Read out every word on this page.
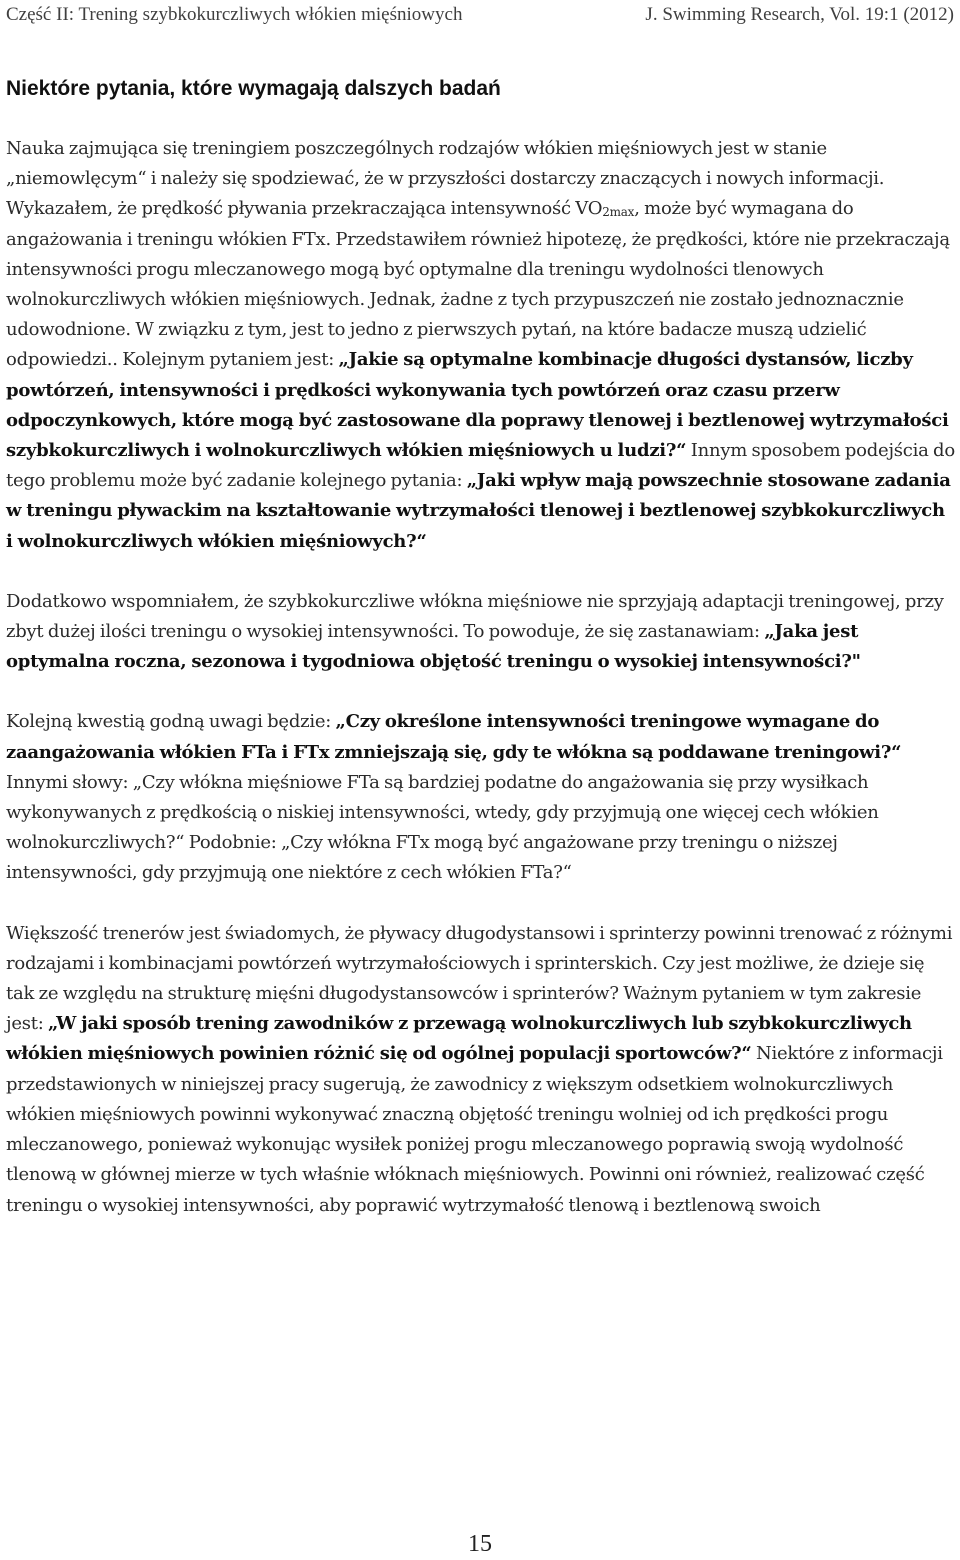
Część II: Trening szybkokurczliwych włókien mięśniowych	J. Swimming Research, Vol. 19:1 (2012)
Niektóre pytania, które wymagają dalszych badań

Nauka zajmująca się treningiem poszczególnych rodzajów włókien mięśniowych jest w stanie „niemowlęcym“ i należy się spodziewać, że w przyszłości dostarczy znaczących i nowych informacji. Wykazałem, że prędkość pływania przekraczająca intensywność $VO_{2max}$, może być wymagana do angażowania i treningu włókien FTx. Przedstawiłem również hipotezę, że prędkości, które nie przekraczają intensywności progu mleczanowego mogą być optymalne dla treningu wydolności tlenowych wolnokurczliwych włókien mięśniowych. Jednak, żadne z tych przypuszczeń nie zostało jednoznacznie udowodnione. W związku z tym, jest to jedno z pierwszych pytań, na które badacze muszą udzielić odpowiedzi.. Kolejnym pytaniem jest: „Jakie są optymalne kombinacje długości dystansów, liczby powtórzeń, intensywności i prędkości wykonywania tych powtórzeń oraz czasu przerw odpoczynkowych, które mogą być zastosowane dla poprawy tlenowej i beztlenowej wytrzymałości szybkokurczliwych i wolnokurczliwych włókien mięśniowych u ludzi?“ Innym sposobem podejścia do tego problemu może być zadanie kolejnego pytania: „Jaki wpływ mają powszechnie stosowane zadania w treningu pływackim na kształtowanie wytrzymałości tlenowej i beztlenowej szybkokurczliwych i wolnokurczliwych włókien mięśniowych?“

Dodatkowo wspomniałem, że szybkokurczliwe włókna mięśniowe nie sprzyjają adaptacji treningowej, przy zbyt dużej ilości treningu o wysokiej intensywności. To powoduje, że się zastanawiam: „Jaka jest optymalna roczna, sezonowa i tygodniowa objętość treningu o wysokiej intensywności?"

Kolejną kwestią godną uwagi będzie: „Czy określone intensywności treningowe wymagane do zaangażowania włókien FTa i FTx zmniejszają się, gdy te włókna są poddawane treningowi?“ Innymi słowy: „Czy włókna mięśniowe FTa są bardziej podatne do angażowania się przy wysiłkach wykonywanych z prędkością o niskiej intensywności, wtedy, gdy przyjmują one więcej cech włókien wolnokurczliwych?“ Podobnie: „Czy włókna FTx mogą być angażowane przy treningu o niższej intensywności, gdy przyjmują one niektóre z cech włókien FTa?“

Większość trenerów jest świadomych, że pływacy długodystansowi i sprinterzy powinni trenować z różnymi rodzajami i kombinacjami powtórzeń wytrzymałościowych i sprinterskich. Czy jest możliwe, że dzieje się tak ze względu na strukturę mięśni długodystansowców i sprinterów? Ważnym pytaniem w tym zakresie jest: „W jaki sposób trening zawodników z przewagą wolnokurczliwych lub szybkokurczliwych włókien mięśniowych powinien różnić się od ogólnej populacji sportowców?“ Niektóre z informacji przedstawionych w niniejszej pracy sugerują, że zawodnicy z większym odsetkiem wolnokurczliwych włókien mięśniowych powinni wykonywać znaczną objętość treningu wolniej od ich prędkości progu mleczanowego, ponieważ wykonując wysiłek poniżej progu mleczanowego poprawią swoją wydolność tlenową w głównej mierze w tych właśnie włóknach mięśniowych. Powinni oni również, realizować część treningu o wysokiej intensywności, aby poprawić wytrzymałość tlenową i beztlenową swoich

15
